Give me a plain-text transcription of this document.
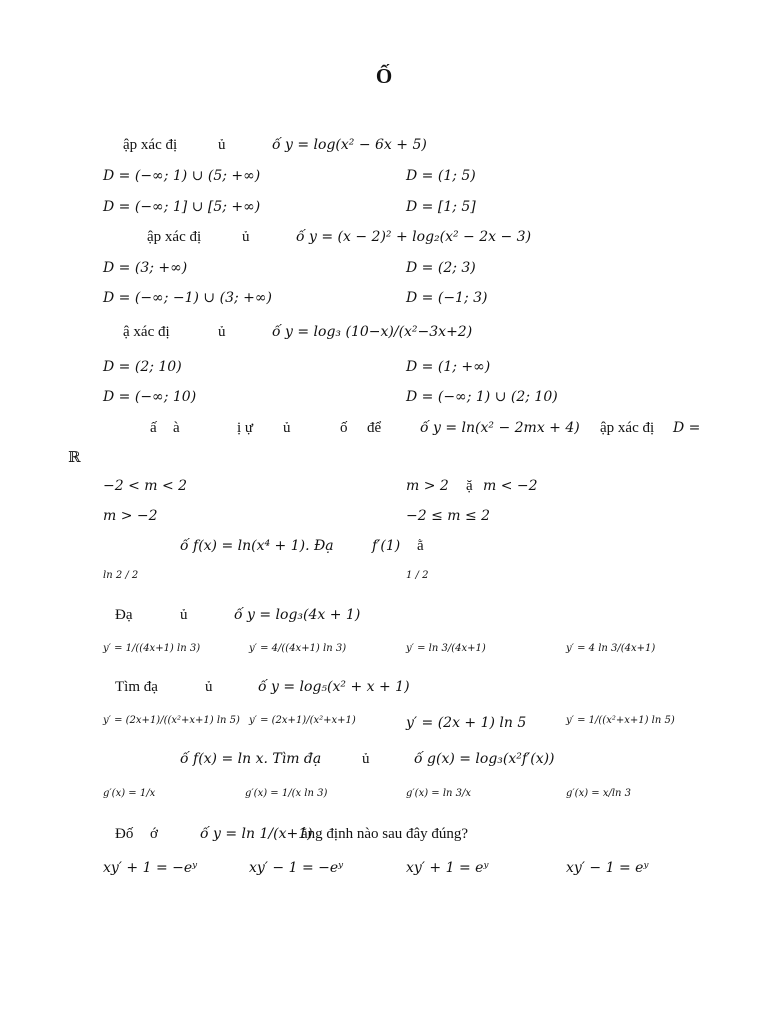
Ố
ập xác đị	ủ	ố y = log(x² − 6x + 5)
D = (−∞; 1) ∪ (5; +∞)	D = (1; 5)
D = (−∞; 1] ∪ [5; +∞)	D = [1; 5]
ập xác đị	ủ	ố y = (x − 2)² + log₂(x² − 2x − 3)
D = (3; +∞)	D = (2; 3)
D = (−∞; −1) ∪ (3; +∞)	D = (−1; 3)
ậ xác đị	ủ	ố y = log₃ (10−x)/(x²−3x+2)
D = (2; 10)	D = (1; +∞)
D = (−∞; 10)	D = (−∞; 1) ∪ (2; 10)
ấ à	ị ự ủ	ố để	ố y = ln(x² − 2mx + 4) ập xác đị D =
ℝ
−2 < m < 2	m > 2 ặ m < −2
m > −2	−2 ≤ m ≤ 2
ố f(x) = ln(x⁴ + 1). Đạ	f′(1) ằ
ln 2 / 2	1 / 2
Đạ	ủ	ố y = log₃(4x + 1)
y′ = 1/((4x+1) ln 3)	y′ = 4/((4x+1) ln 3)	y′ = ln 3/(4x+1)	y′ = 4 ln 3/(4x+1)
Tìm đạ	ủ	ố y = log₅(x² + x + 1)
y′ = (2x+1)/((x²+x+1) ln 5) y′ = (2x+1)/(x²+x+1)	y′ = (2x + 1) ln 5	y′ = 1/((x²+x+1) ln 5)
ố f(x) = ln x. Tìm đạ	ủ	ố g(x) = log₃(x²f′(x))
g′(x) = 1/x	g′(x) = 1/(x ln 3)	g′(x) = ln 3/x	g′(x) = x/ln 3
Đố ớ	ố y = ln 1/(x+1)
ẳng định nào sau đây đúng?
xy′ + 1 = −eʸ	xy′ − 1 = −eʸ	xy′ + 1 = eʸ	xy′ − 1 = eʸ
